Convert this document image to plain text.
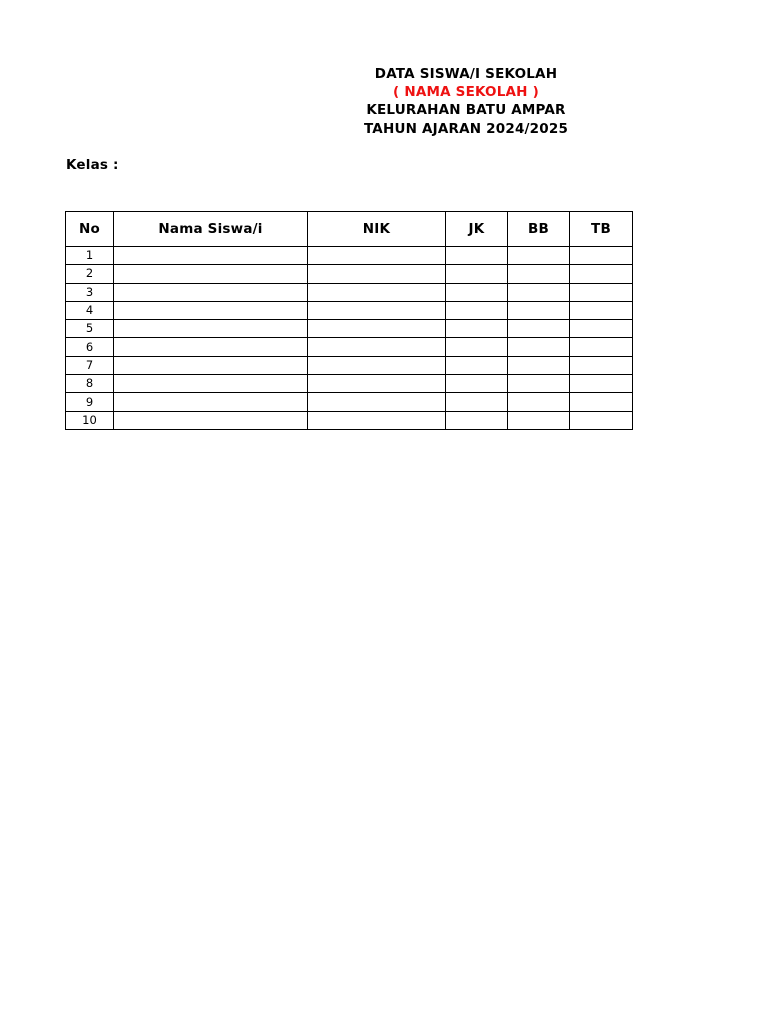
DATA SISWA/I SEKOLAH
( NAMA SEKOLAH )
KELURAHAN BATU AMPAR
TAHUN AJARAN 2024/2025
Kelas :
No	Nama Siswa/i	NIK	JK	BB	TB
1					
2					
3					
4					
5					
6					
7					
8					
9					
10					
